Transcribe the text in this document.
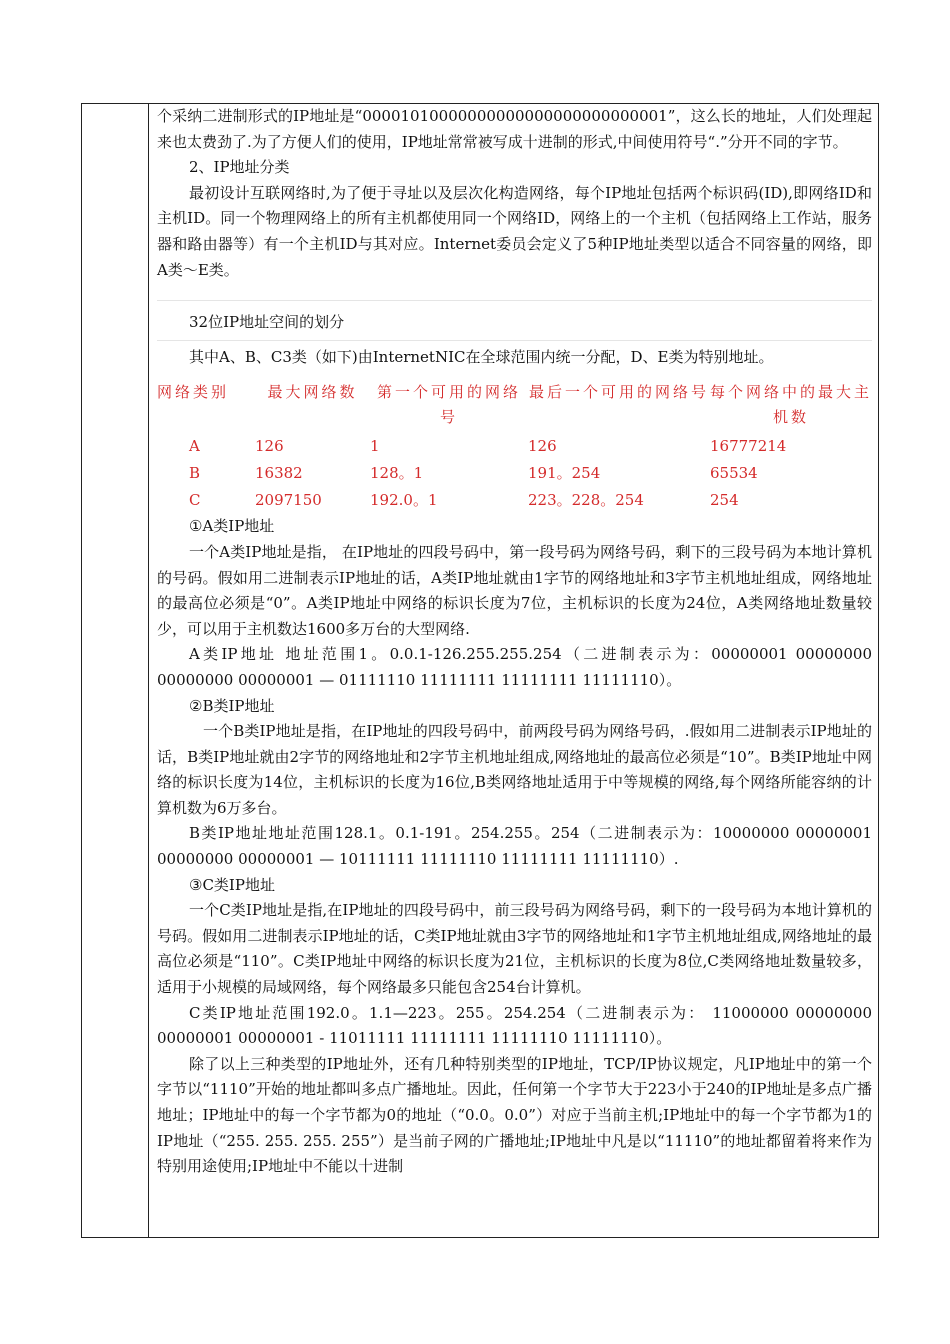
个采纳二进制形式的IP地址是“00001010000000000000000000000001”，这么长的地址，人们处理起来也太费劲了.为了方便人们的使用，IP地址常常被写成十进制的形式,中间使用符号“.”分开不同的字节。

2、IP地址分类

最初设计互联网络时,为了便于寻址以及层次化构造网络，每个IP地址包括两个标识码(ID),即网络ID和主机ID。同一个物理网络上的所有主机都使用同一个网络ID，网络上的一个主机（包括网络上工作站，服务器和路由器等）有一个主机ID与其对应。Internet委员会定义了5种IP地址类型以适合不同容量的网络，即A类～E类。

32位IP地址空间的划分

其中A、B、C3类（如下)由InternetNIC在全球范围内统一分配，D、E类为特别地址。

网络类别	最大网络数	第一个可用的网络号	最后一个可用的网络号	每个网络中的最大主机数
A	126	1	126	16777214
B	16382	128。1	191。254	65534
C	2097150	192.0。1	223。228。254	254

①A类IP地址

一个A类IP地址是指， 在IP地址的四段号码中，第一段号码为网络号码，剩下的三段号码为本地计算机的号码。假如用二进制表示IP地址的话，A类IP地址就由1字节的网络地址和3字节主机地址组成，网络地址的最高位必须是“0”。A类IP地址中网络的标识长度为7位，主机标识的长度为24位，A类网络地址数量较少，可以用于主机数达1600多万台的大型网络.

A类IP地址 地址范围1。0.0.1-126.255.255.254（二进制表示为：00000001 00000000 00000000 00000001 — 01111110 11111111 11111111 11111110）。

②B类IP地址

一个B类IP地址是指，在IP地址的四段号码中，前两段号码为网络号码，.假如用二进制表示IP地址的话，B类IP地址就由2字节的网络地址和2字节主机地址组成,网络地址的最高位必须是“10”。B类IP地址中网络的标识长度为14位，主机标识的长度为16位,B类网络地址适用于中等规模的网络,每个网络所能容纳的计算机数为6万多台。

B类IP地址地址范围128.1。0.1-191。254.255。254（二进制表示为：10000000 00000001 00000000 00000001 — 10111111 11111110 11111111 11111110）.

③C类IP地址

一个C类IP地址是指,在IP地址的四段号码中，前三段号码为网络号码，剩下的一段号码为本地计算机的号码。假如用二进制表示IP地址的话，C类IP地址就由3字节的网络地址和1字节主机地址组成,网络地址的最高位必须是“110”。C类IP地址中网络的标识长度为21位，主机标识的长度为8位,C类网络地址数量较多，适用于小规模的局域网络，每个网络最多只能包含254台计算机。

C类IP地址范围192.0。1.1—223。255。254.254（二进制表示为： 11000000 00000000 00000001 00000001 - 11011111 11111111 11111110 11111110）。

除了以上三种类型的IP地址外，还有几种特别类型的IP地址，TCP/IP协议规定，凡IP地址中的第一个字节以“1110”开始的地址都叫多点广播地址。因此，任何第一个字节大于223小于240的IP地址是多点广播地址；IP地址中的每一个字节都为0的地址（“0.0。0.0”）对应于当前主机;IP地址中的每一个字节都为1的IP地址（“255. 255. 255. 255”）是当前子网的广播地址;IP地址中凡是以“11110”的地址都留着将来作为特别用途使用;IP地址中不能以十进制
